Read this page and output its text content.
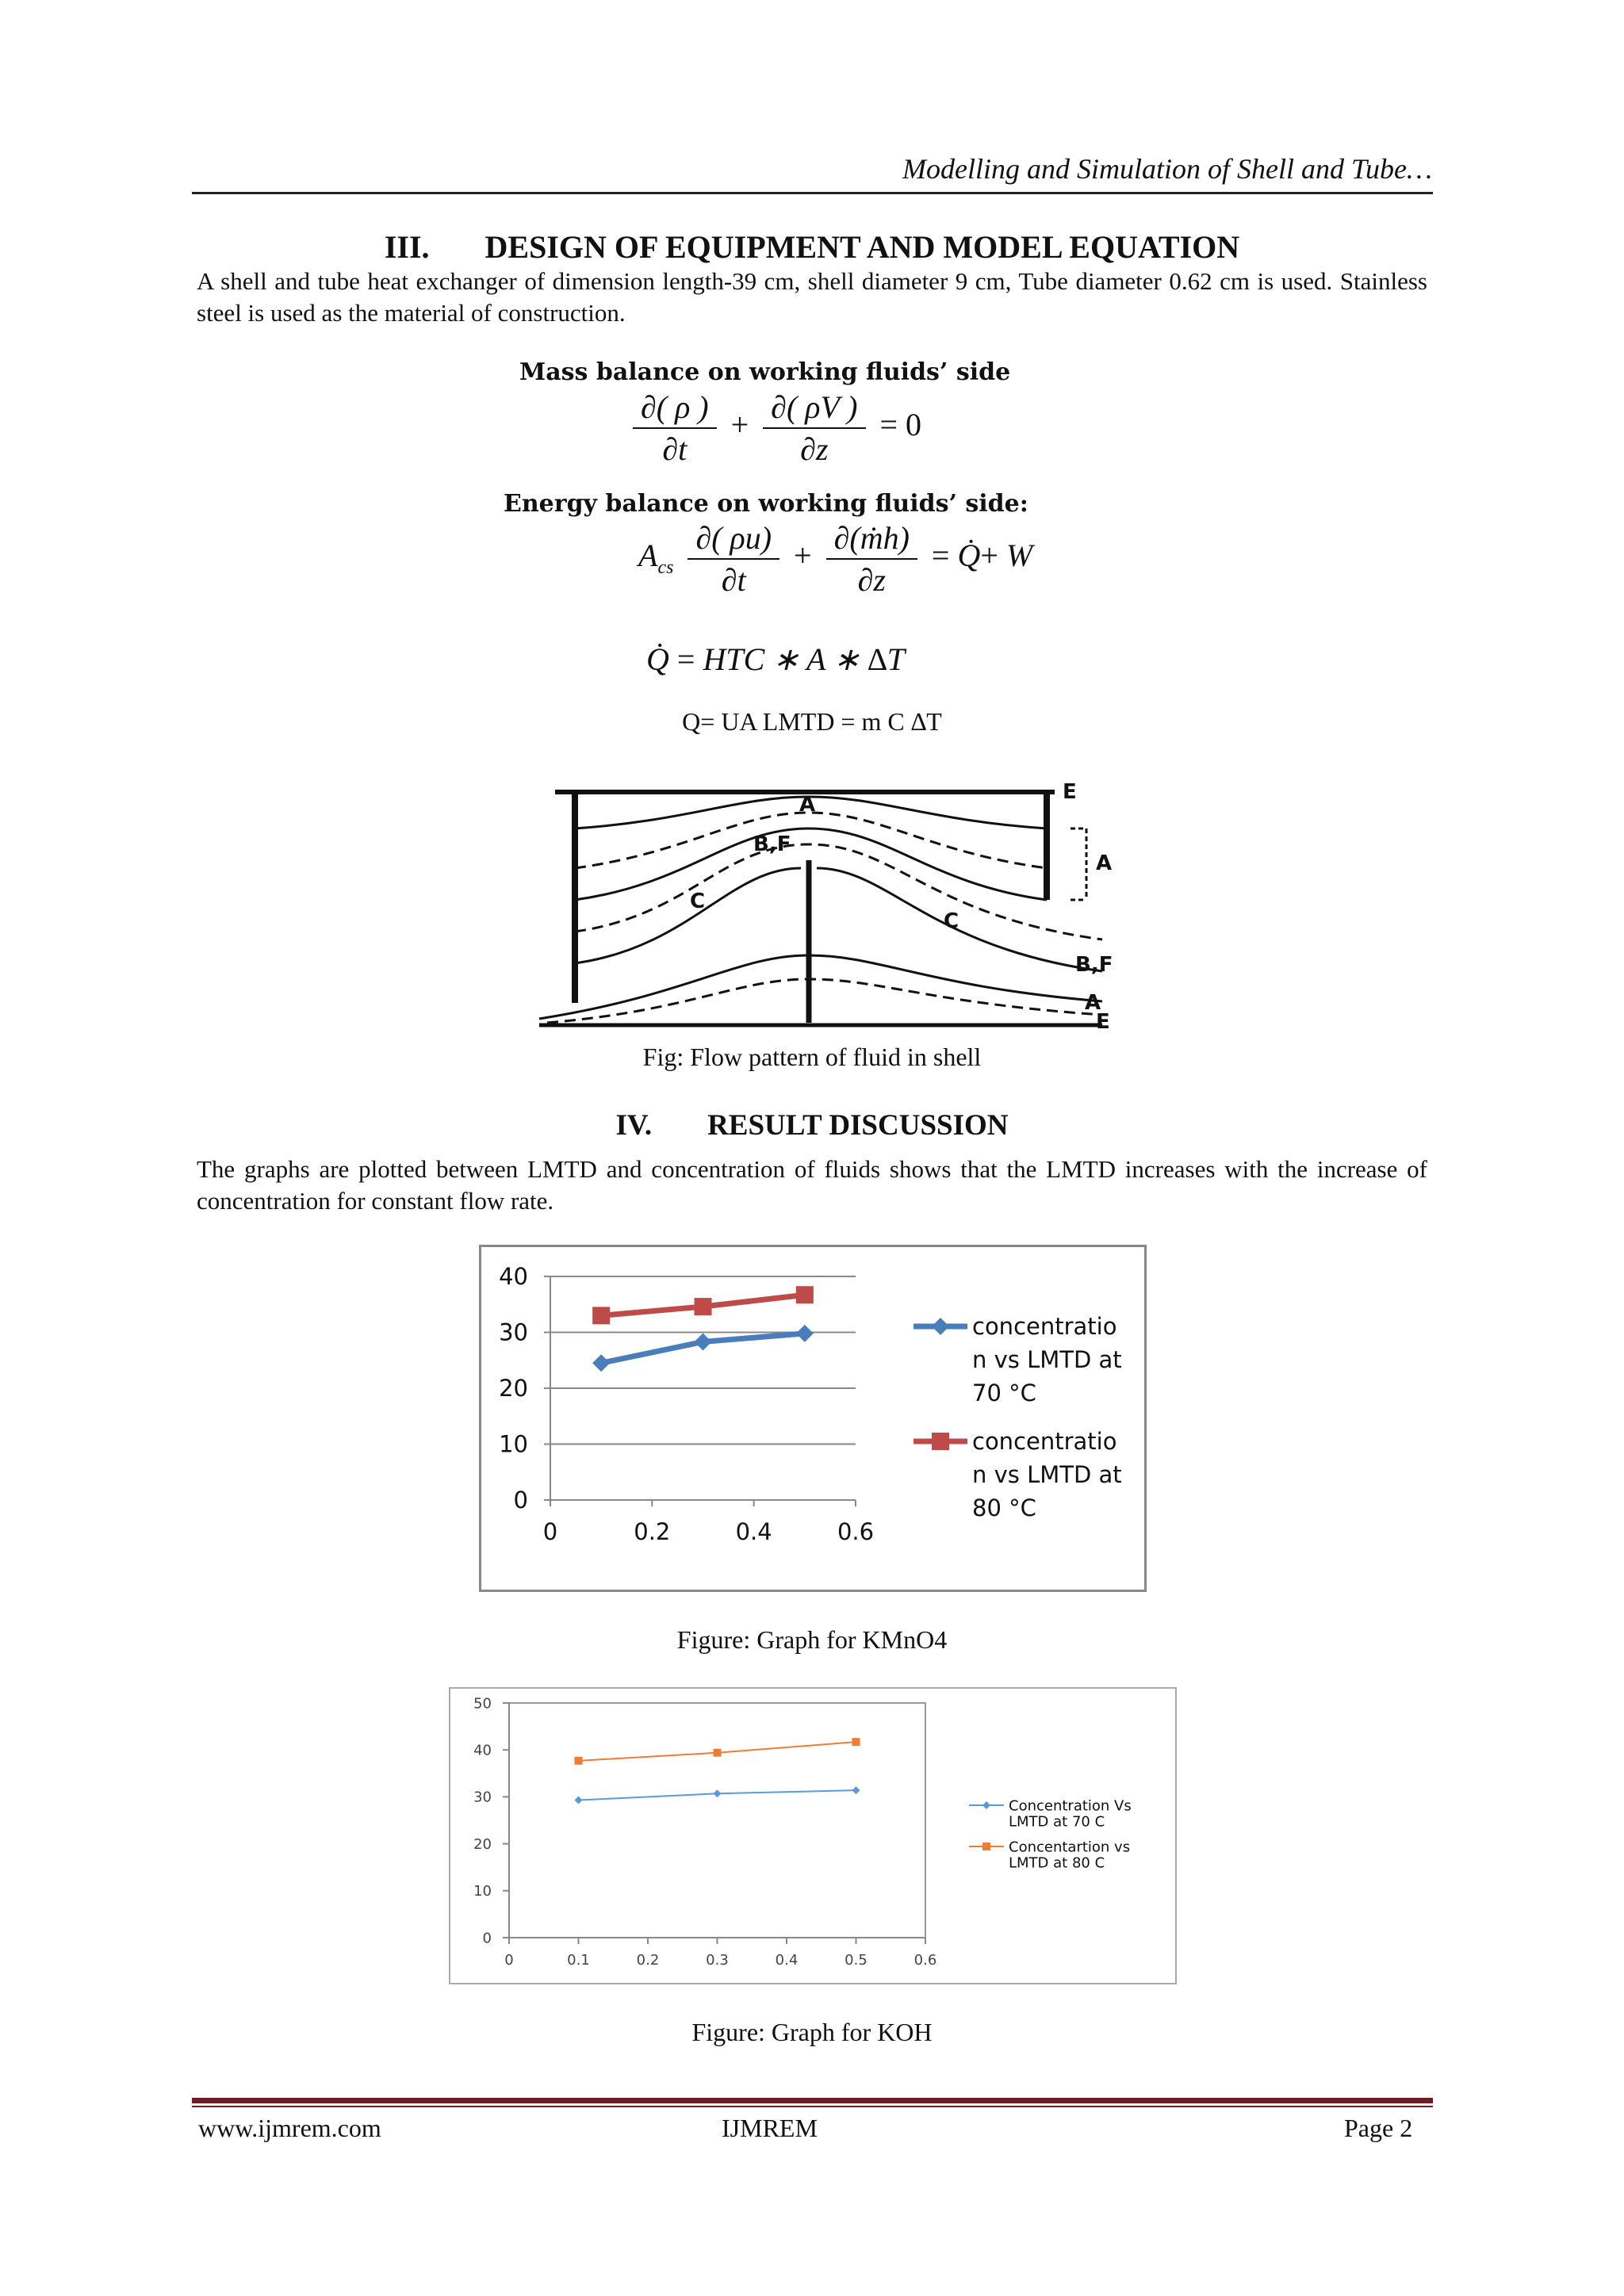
Modelling and Simulation of Shell and Tube…
III. DESIGN OF EQUIPMENT AND MODEL EQUATION
A shell and tube heat exchanger of dimension length-39 cm, shell diameter 9 cm, Tube diameter 0.62 cm is used. Stainless steel is used as the material of construction.
Mass balance on working fluids’ side
$\frac{\partial( \rho )}{\partial t} + \frac{\partial( \rho V )}{\partial z} = 0$
Energy balance on working fluids’ side:
$A_{cs} \frac{\partial( \rho u)}{\partial t} + \frac{\text{∂(ṁh)}}{\partial z}$ = Q̇+ W
Q̇ = HTC ∗ A ∗ ∆T
Q= UA LMTD = m C ∆T
E
A
B,F
A
E
A
B,F
C
C
Fig: Flow pattern of fluid in shell
IV. RESULT DISCUSSION
The graphs are plotted between LMTD and concentration of fluids shows that the LMTD increases with the increase of concentration for constant flow rate.
0
10
20
30
40
0	0.2	0.4	0.6
concentratio
n vs LMTD at
70 °C
concentratio
n vs LMTD at
80 °C
Figure: Graph for KMnO4
0
10
20
30
40
50
0	0.1	0.2	0.3	0.4	0.5	0.6
Concentration Vs
LMTD at 70 C
Concentartion vs
LMTD at 80 C
Figure: Graph for KOH
www.ijmrem.com	IJMREM	Page 2
